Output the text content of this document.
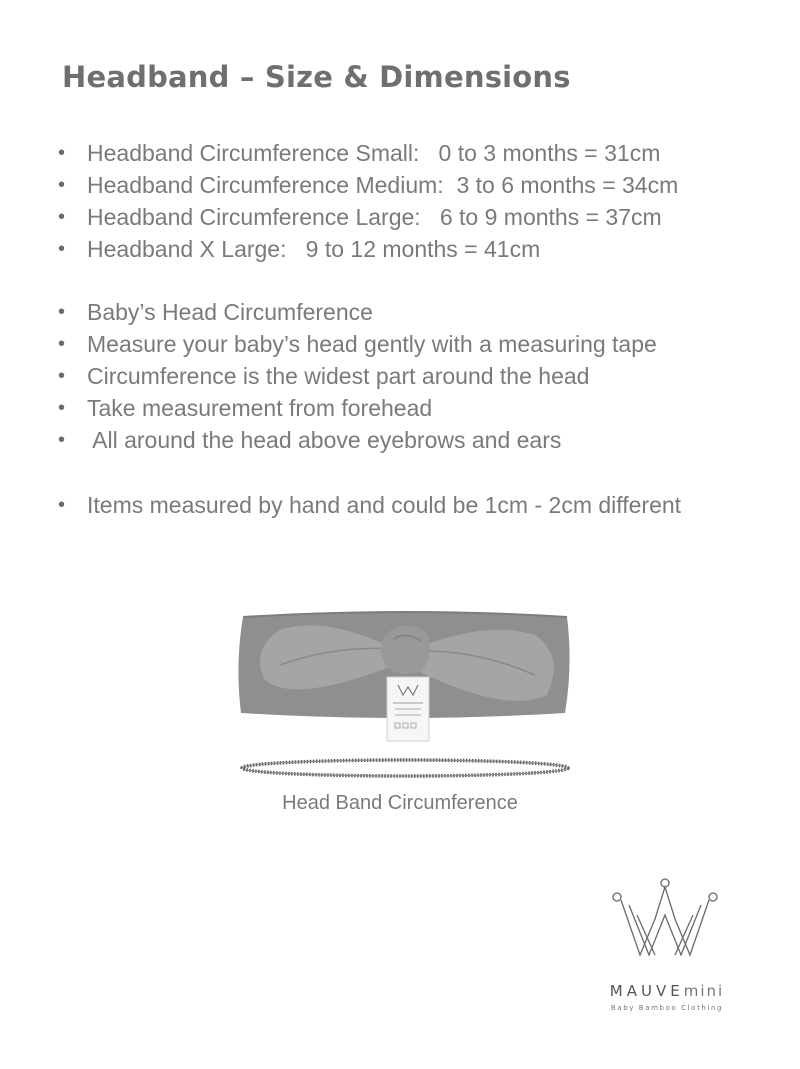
Headband – Size & Dimensions
• Headband Circumference Small:   0 to 3 months = 31cm
• Headband Circumference Medium:  3 to 6 months = 34cm
• Headband Circumference Large:   6 to 9 months = 37cm
• Headband X Large:   9 to 12 months = 41cm
• Baby’s Head Circumference
• Measure your baby’s head gently with a measuring tape
• Circumference is the widest part around the head
• Take measurement from forehead
•  All around the head above eyebrows and ears
• Items measured by hand and could be 1cm - 2cm different
Head Band Circumference
MAUVEmini
Baby Bamboo Clothing
